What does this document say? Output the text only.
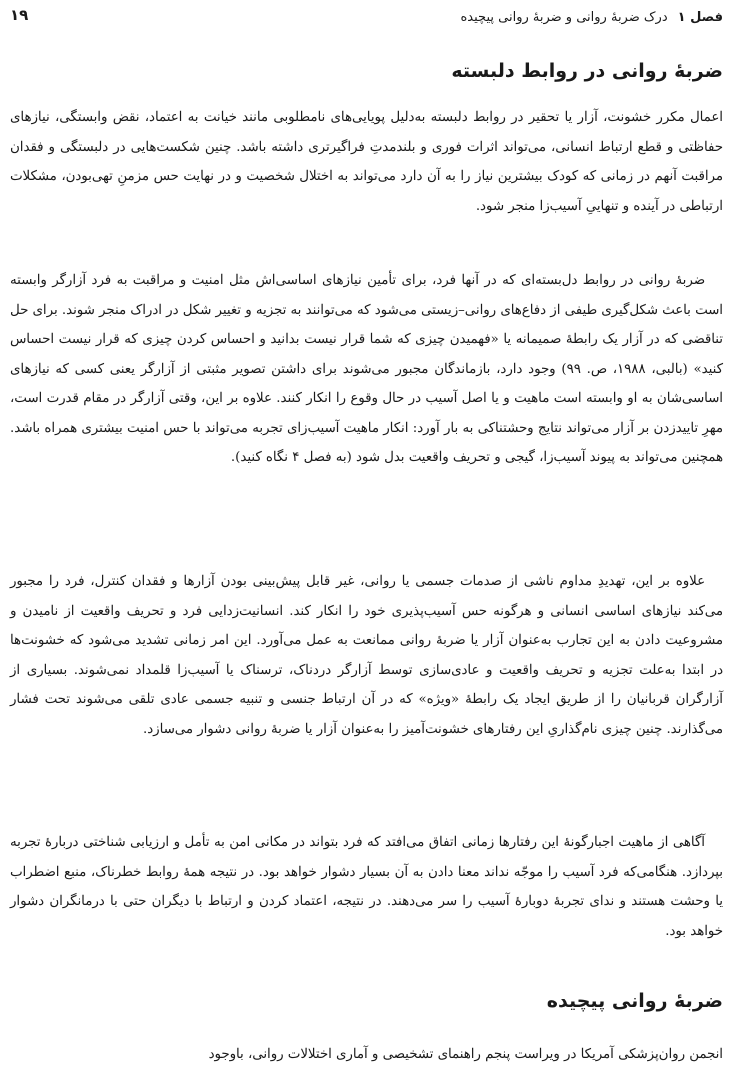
فصل ۱
درک ضربهٔ روانی و ضربهٔ روانی پیچیده
۱۹
ضربهٔ روانی در روابط دلبسته

اعمال مکرر خشونت، آزار یا تحقیر در روابط دلبسته به‌دلیل پویایی‌های نامطلوبی مانند خیانت به اعتماد، نقض وابستگی، نیازهای حفاظتی و قطع ارتباط انسانی، می‌تواند اثرات فوری و بلندمدتِ فراگیرتری داشته باشد. چنین شکست‌هایی در دلبستگی و فقدان مراقبت آنهم در زمانی که کودک بیشترین نیاز را به آن دارد می‌تواند به اختلال شخصیت و در نهایت حس مزمنِ تهی‌بودن، مشکلات ارتباطی در آینده و تنهاییِ آسیب‌زا منجر شود.

ضربهٔ روانی در روابط دل‌بسته‌ای که در آنها فرد، برای تأمین نیازهای اساسی‌اش مثل امنیت و مراقبت به فرد آزارگر وابسته است باعث شکل‌گیری طیفی از دفاع‌های روانی–زیستی می‌شود که می‌توانند به تجزیه و تغییر شکل در ادراک منجر شوند. برای حل تناقضی که در آزار یک رابطهٔ صمیمانه یا «فهمیدن چیزی که شما قرار نیست بدانید و احساس کردن چیزی که قرار نیست احساس کنید» (بالبی، ۱۹۸۸، ص. ۹۹) وجود دارد، بازماندگان مجبور می‌شوند برای داشتن تصویر مثبتی از آزارگر یعنی کسی که نیازهای اساسی‌شان به او وابسته است ماهیت و یا اصل آسیب در حال وقوع را انکار کنند. علاوه بر این، وقتی آزارگر در مقام قدرت است، مهرِ تاییدزدن بر آزار می‌تواند نتایج وحشتناکی به بار آورد: انکار ماهیت آسیب‌زای تجربه می‌تواند با حس امنیت بیشتری همراه باشد. همچنین می‌تواند به پیوند آسیب‌زا، گیجی و تحریف واقعیت بدل شود (به فصل ۴ نگاه کنید).

علاوه بر این، تهدیدِ مداوم ناشی از صدمات جسمی یا روانی، غیر قابل پیش‌بینی بودن آزارها و فقدان کنترل، فرد را مجبور می‌کند نیازهای اساسی انسانی و هرگونه حس آسیب‌پذیری خود را انکار کند. انسانیت‌زدایی فرد و تحریف واقعیت از نامیدن و مشروعیت دادن به این تجارب به‌عنوان آزار یا ضربهٔ روانی ممانعت به عمل می‌آورد. این امر زمانی تشدید می‌شود که خشونت‌ها در ابتدا به‌علت تجزیه و تحریف واقعیت و عادی‌سازی توسط آزارگر دردناک، ترسناک یا آسیب‌زا قلمداد نمی‌شوند. بسیاری از آزارگران قربانیان را از طریق ایجاد یک رابطهٔ «ویژه» که در آن ارتباط جنسی و تنبیه جسمی عادی تلقی می‌شوند تحت فشار می‌گذارند. چنین چیزی نام‌گذاریِ این رفتارهای خشونت‌آمیز را به‌عنوان آزار یا ضربهٔ روانی دشوار می‌سازد.

آگاهی از ماهیت اجبارگونهٔ این رفتارها زمانی اتفاق می‌افتد که فرد بتواند در مکانی امن به تأمل و ارزیابی شناختی دربارهٔ تجربه بپردازد. هنگامی‌که فرد آسیب را موجّه نداند معنا دادن به آن بسیار دشوار خواهد بود. در نتیجه همهٔ روابط خطرناک، منبع اضطراب یا وحشت هستند و ندای تجربهٔ دوبارهٔ آسیب را سر می‌دهند. در نتیجه، اعتماد کردن و ارتباط با دیگران حتی با درمانگران دشوار خواهد بود.

ضربهٔ روانی پیچیده

انجمن روان‌پزشکی آمریکا در ویراست پنجم راهنمای تشخیصی و آماری اختلالات روانی، باوجود
